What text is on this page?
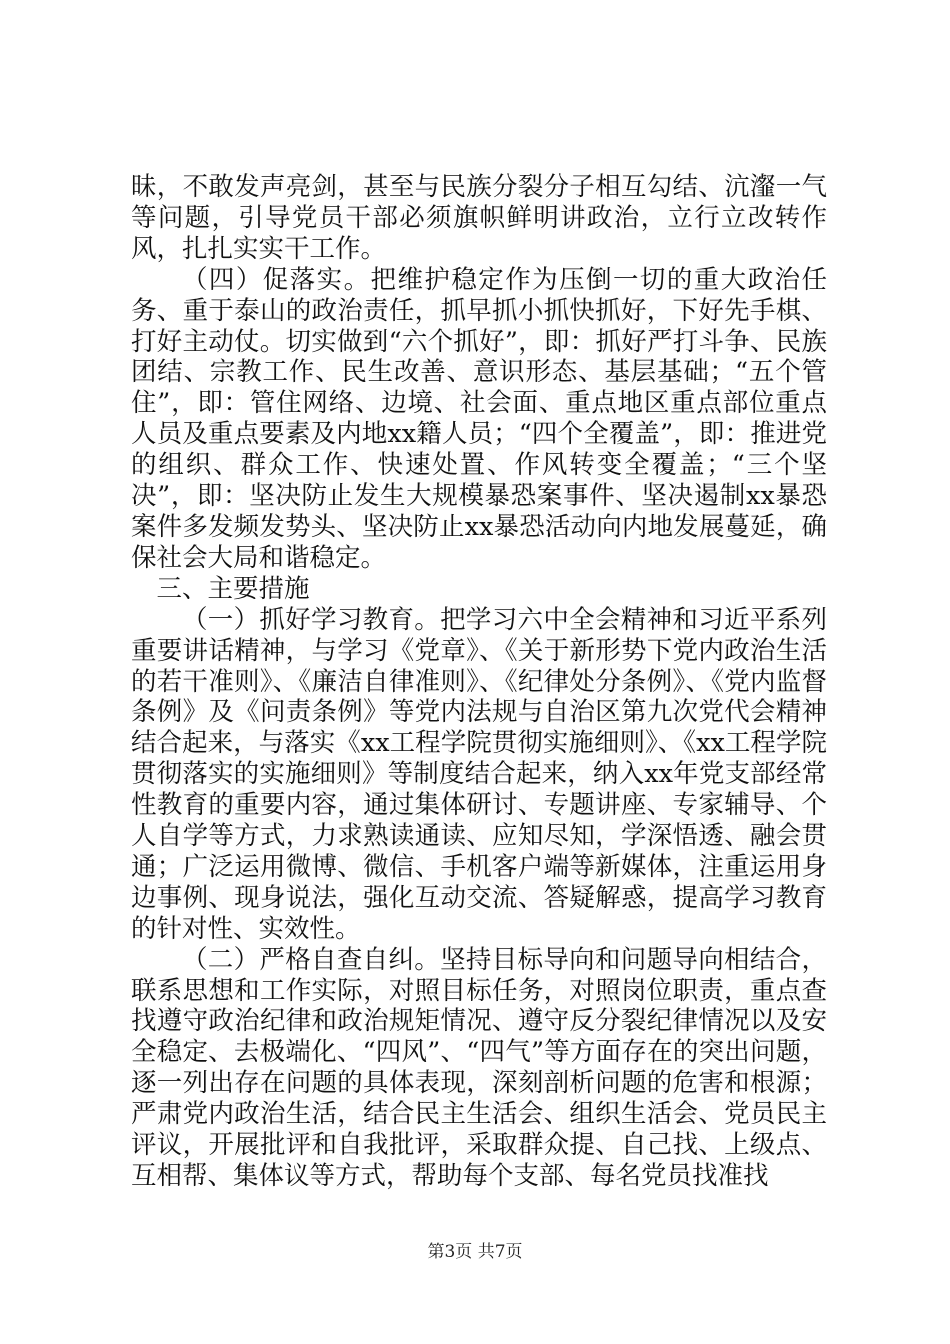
昧，不敢发声亮剑，甚至与民族分裂分子相互勾结、沆瀣一气等问题，引导党员干部必须旗帜鲜明讲政治，立行立改转作风，扎扎实实干工作。

（四）促落实。把维护稳定作为压倒一切的重大政治任务、重于泰山的政治责任，抓早抓小抓快抓好，下好先手棋、打好主动仗。切实做到“六个抓好”，即：抓好严打斗争、民族团结、宗教工作、民生改善、意识形态、基层基础；“五个管住”，即：管住网络、边境、社会面、重点地区重点部位重点人员及重点要素及内地xx籍人员；“四个全覆盖”，即：推进党的组织、群众工作、快速处置、作风转变全覆盖；“三个坚决”，即：坚决防止发生大规模暴恐案事件、坚决遏制xx暴恐案件多发频发势头、坚决防止xx暴恐活动向内地发展蔓延，确保社会大局和谐稳定。

三、主要措施

（一）抓好学习教育。把学习六中全会精神和习近平系列重要讲话精神，与学习《党章》、《关于新形势下党内政治生活的若干准则》、《廉洁自律准则》、《纪律处分条例》、《党内监督条例》及《问责条例》等党内法规与自治区第九次党代会精神结合起来，与落实《xx工程学院贯彻实施细则》、《xx工程学院贯彻落实的实施细则》等制度结合起来，纳入xx年党支部经常性教育的重要内容，通过集体研讨、专题讲座、专家辅导、个人自学等方式，力求熟读通读、应知尽知，学深悟透、融会贯通；广泛运用微博、微信、手机客户端等新媒体，注重运用身边事例、现身说法，强化互动交流、答疑解惑，提高学习教育的针对性、实效性。

（二）严格自查自纠。坚持目标导向和问题导向相结合，联系思想和工作实际，对照目标任务，对照岗位职责，重点查找遵守政治纪律和政治规矩情况、遵守反分裂纪律情况以及安全稳定、去极端化、“四风”、“四气”等方面存在的突出问题，逐一列出存在问题的具体表现，深刻剖析问题的危害和根源；严肃党内政治生活，结合民主生活会、组织生活会、党员民主评议，开展批评和自我批评，采取群众提、自己找、上级点、互相帮、集体议等方式，帮助每个支部、每名党员找准找

第3页 共7页
